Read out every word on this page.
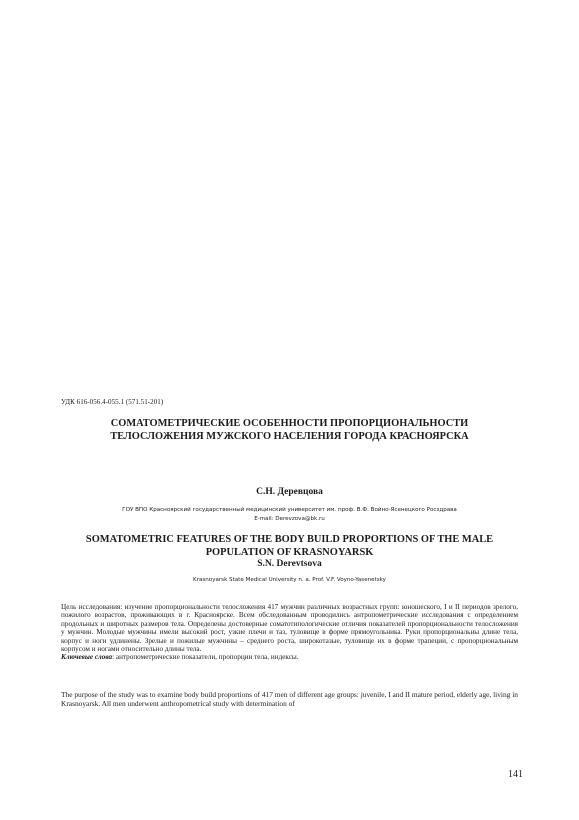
УДК 616-056.4-055.1 (571.51-201)
СОМАТОМЕТРИЧЕСКИЕ ОСОБЕННОСТИ ПРОПОРЦИОНАЛЬНОСТИ
ТЕЛОСЛОЖЕНИЯ МУЖСКОГО НАСЕЛЕНИЯ ГОРОДА КРАСНОЯРСКА
С.Н. Деревцова
ГОУ ВПО Красноярский государственный медицинский университет им. проф. В.Ф. Войно-Ясенецкого Росздрава
E-mail: Derevzova@bk.ru
SOMATOMETRIC FEATURES OF THE BODY BUILD PROPORTIONS OF THE MALE
POPULATION OF KRASNOYARSK
S.N. Derevtsova
Krasnoyarsk State Medical University n. a. Prof. V.F. Voyno-Yasenetsky

Цель исследования: изучение пропорциональности телосложения 417 мужчин различных возрастных групп: юношеского, I и II периодов зрелого, пожилого возрастов, проживающих в г. Красноярске. Всем обследованным проводились антропометрические исследования с определением продольных и широтных размеров тела. Определены достоверные соматотипологические отличия показателей пропорциональности телосложения у мужчин. Молодые мужчины имели высокий рост, узкие плечи и таз, туловище в форме прямоугольника. Руки пропорциональны длине тела, корпус и ноги удлинены. Зрелые и пожилые мужчины – среднего роста, широкотазые, туловище их в форме трапеции, с пропорциональным корпусом и ногами относительно длины тела.

Ключевые слова: антропометрические показатели, пропорции тела, индексы.

The purpose of the study was to examine body build proportions of 417 men of different age groups: juvenile, I and II mature period, elderly age, living in Krasnoyarsk. All men underwent anthropometrical study with determination of

141
